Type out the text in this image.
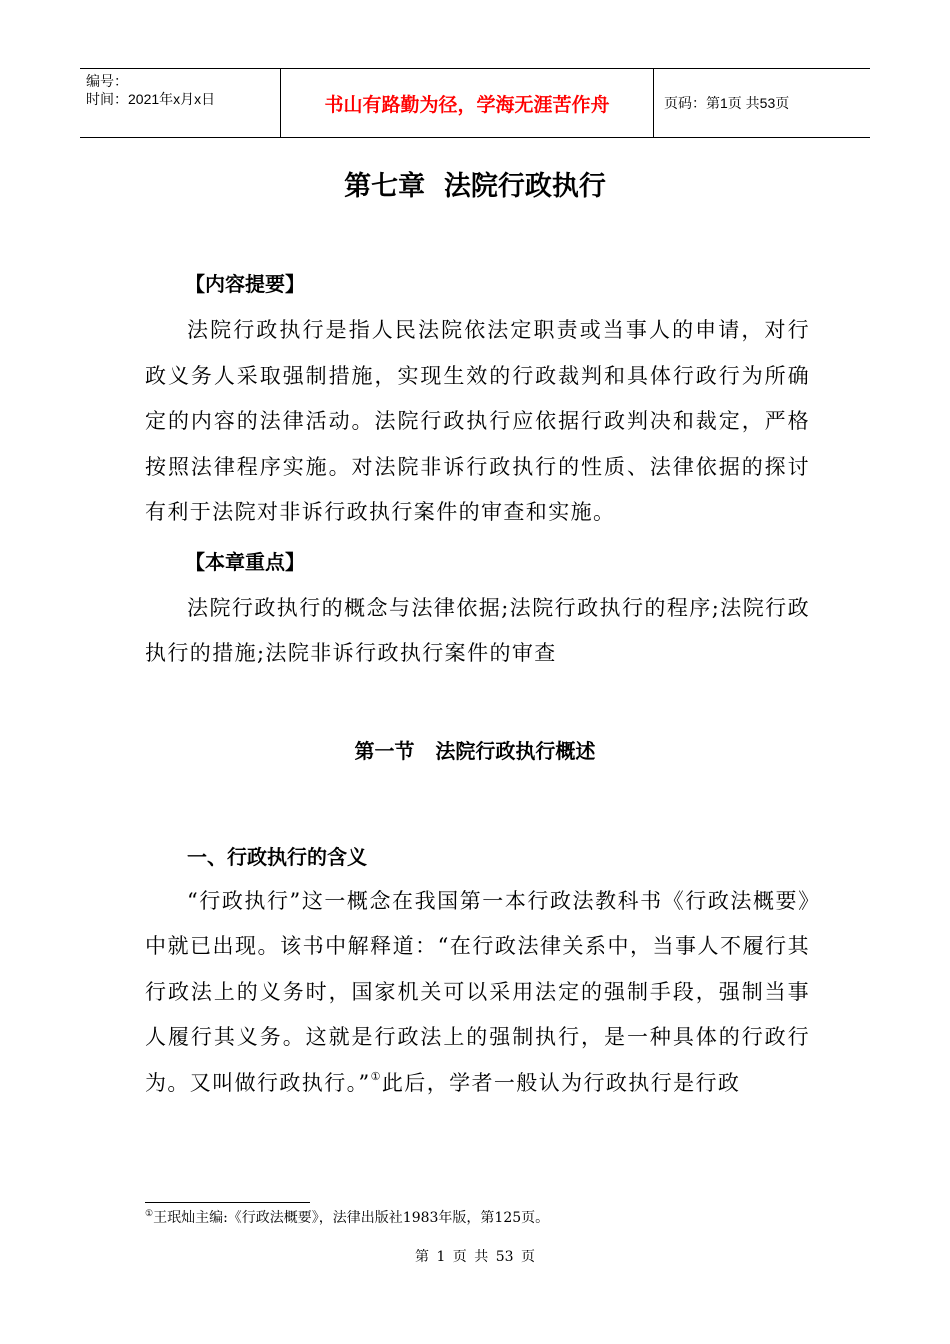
编号：
时间：2021年x月x日	书山有路勤为径，学海无涯苦作舟	页码：第1页 共53页
第七章  法院行政执行
【内容提要】
法院行政执行是指人民法院依法定职责或当事人的申请，对行政义务人采取强制措施，实现生效的行政裁判和具体行政行为所确定的内容的法律活动。法院行政执行应依据行政判决和裁定，严格按照法律程序实施。对法院非诉行政执行的性质、法律依据的探讨有利于法院对非诉行政执行案件的审查和实施。
【本章重点】
法院行政执行的概念与法律依据;法院行政执行的程序;法院行政执行的措施;法院非诉行政执行案件的审查
第一节   法院行政执行概述
一、行政执行的含义
“行政执行”这一概念在我国第一本行政法教科书《行政法概要》中就已出现。该书中解释道：“在行政法律关系中，当事人不履行其行政法上的义务时，国家机关可以采用法定的强制手段，强制当事人履行其义务。这就是行政法上的强制执行，是一种具体的行政行为。又叫做行政执行。”①此后，学者一般认为行政执行是行政
①王珉灿主编:《行政法概要》，法律出版社1983年版，第125页。
第 1 页 共 53 页
